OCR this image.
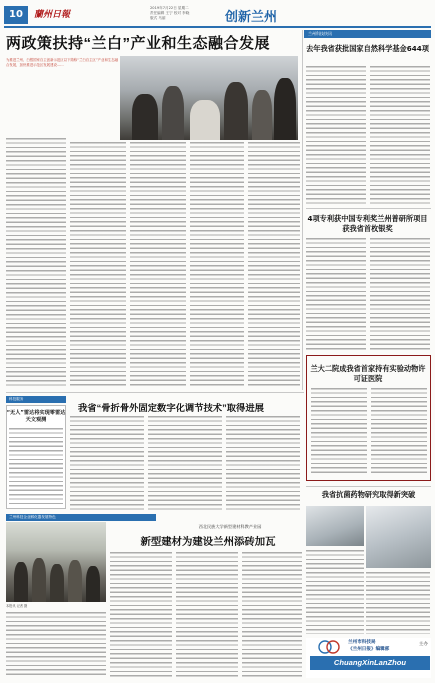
10	蘭州日報
2019年7月22日 星期二
责任编辑 王宁 校对 李晓
版式 马丽	创新兰州
两政策扶持“兰白”产业和生态融合发展
为推进兰州、白银国家自主创新示范区以下简称“兰白自主区”产业和生态融合发展，加快推进示范区发展建设……
兰州科技快讯
去年我省获批国家自然科学基金644项
4项专利获中国专利奖兰州普研所项目获我省首枚银奖
兰大二院成我省首家持有实验动物许可证医院
科技服务
我省“骨折骨外固定数字化调节技术”取得进展
“无人”雷达将实现零雷达天文观测
我省抗菌药物研究取得新突破
兰州科技企业孵化器发展特色
西北民族大学新型建材科教产业园
新型建材为建设兰州添砖加瓦
本报讯 记者 摄
兰州市科技局
《兰州日报》编辑部
主办
ChuangXinLanZhou
